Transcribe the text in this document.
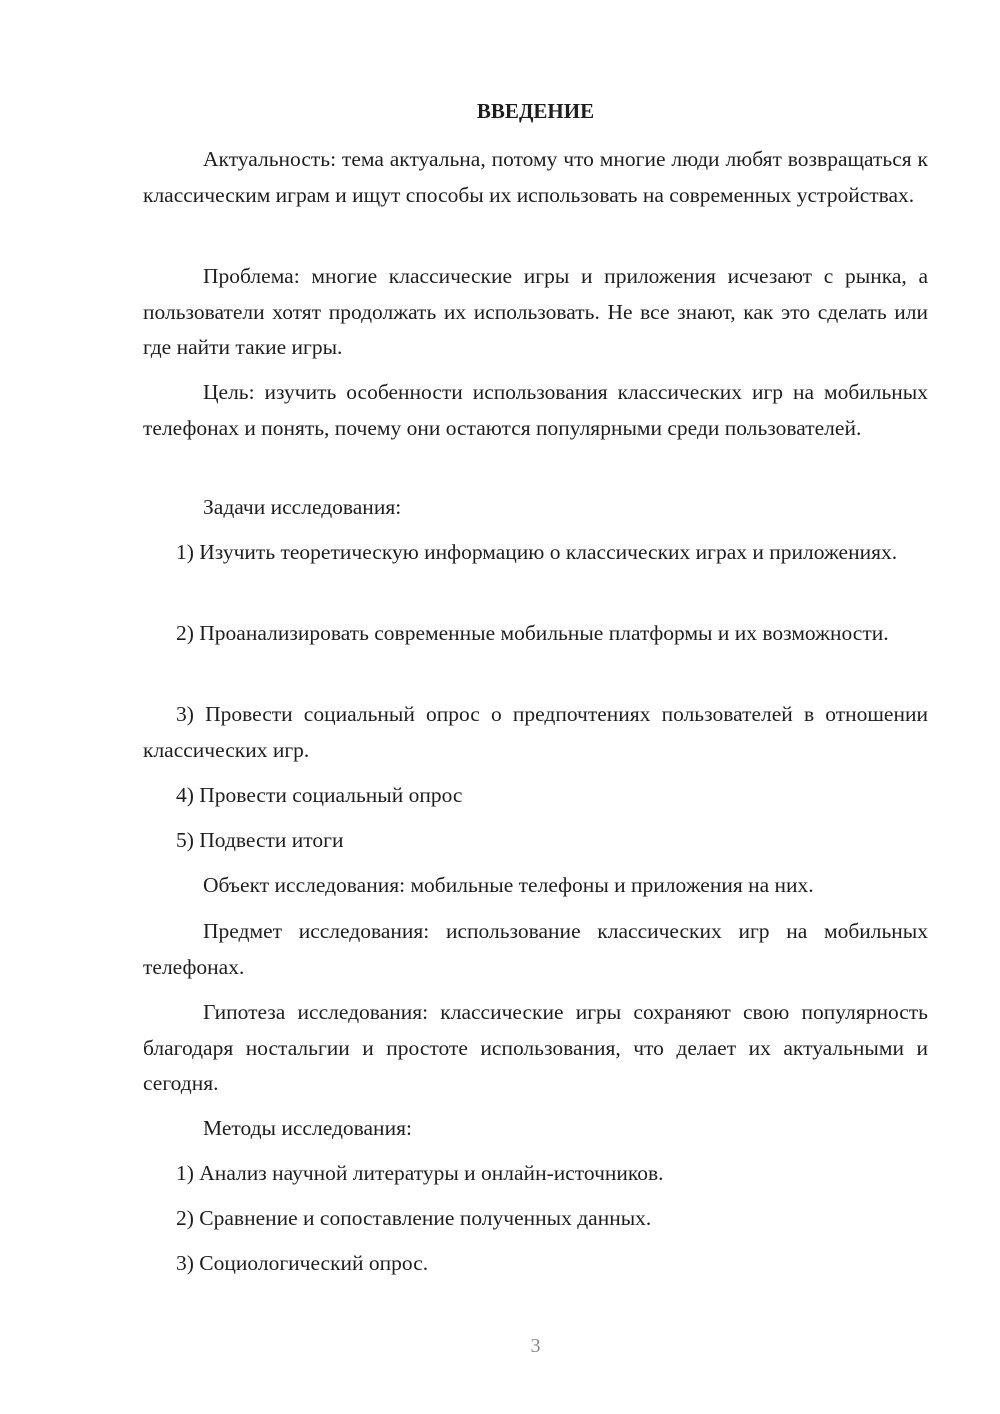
ВВЕДЕНИЕ

Актуальность: тема актуальна, потому что многие люди любят возвращаться к классическим играм и ищут способы их использовать на современных устройствах.

Проблема: многие классические игры и приложения исчезают с рынка, а пользователи хотят продолжать их использовать. Не все знают, как это сделать или где найти такие игры.

Цель: изучить особенности использования классических игр на мобильных телефонах и понять, почему они остаются популярными среди пользователей.

Задачи исследования:

1) Изучить теоретическую информацию о классических играх и приложениях.

2) Проанализировать современные мобильные платформы и их возможности.

3) Провести социальный опрос о предпочтениях пользователей в отношении классических игр.

4) Провести социальный опрос

5) Подвести итоги

Объект исследования: мобильные телефоны и приложения на них.

Предмет исследования: использование классических игр на мобильных телефонах.

Гипотеза исследования: классические игры сохраняют свою популярность благодаря ностальгии и простоте использования, что делает их актуальными и сегодня.

Методы исследования:

1) Анализ научной литературы и онлайн-источников.

2) Сравнение и сопоставление полученных данных.

3) Социологический опрос.

3
